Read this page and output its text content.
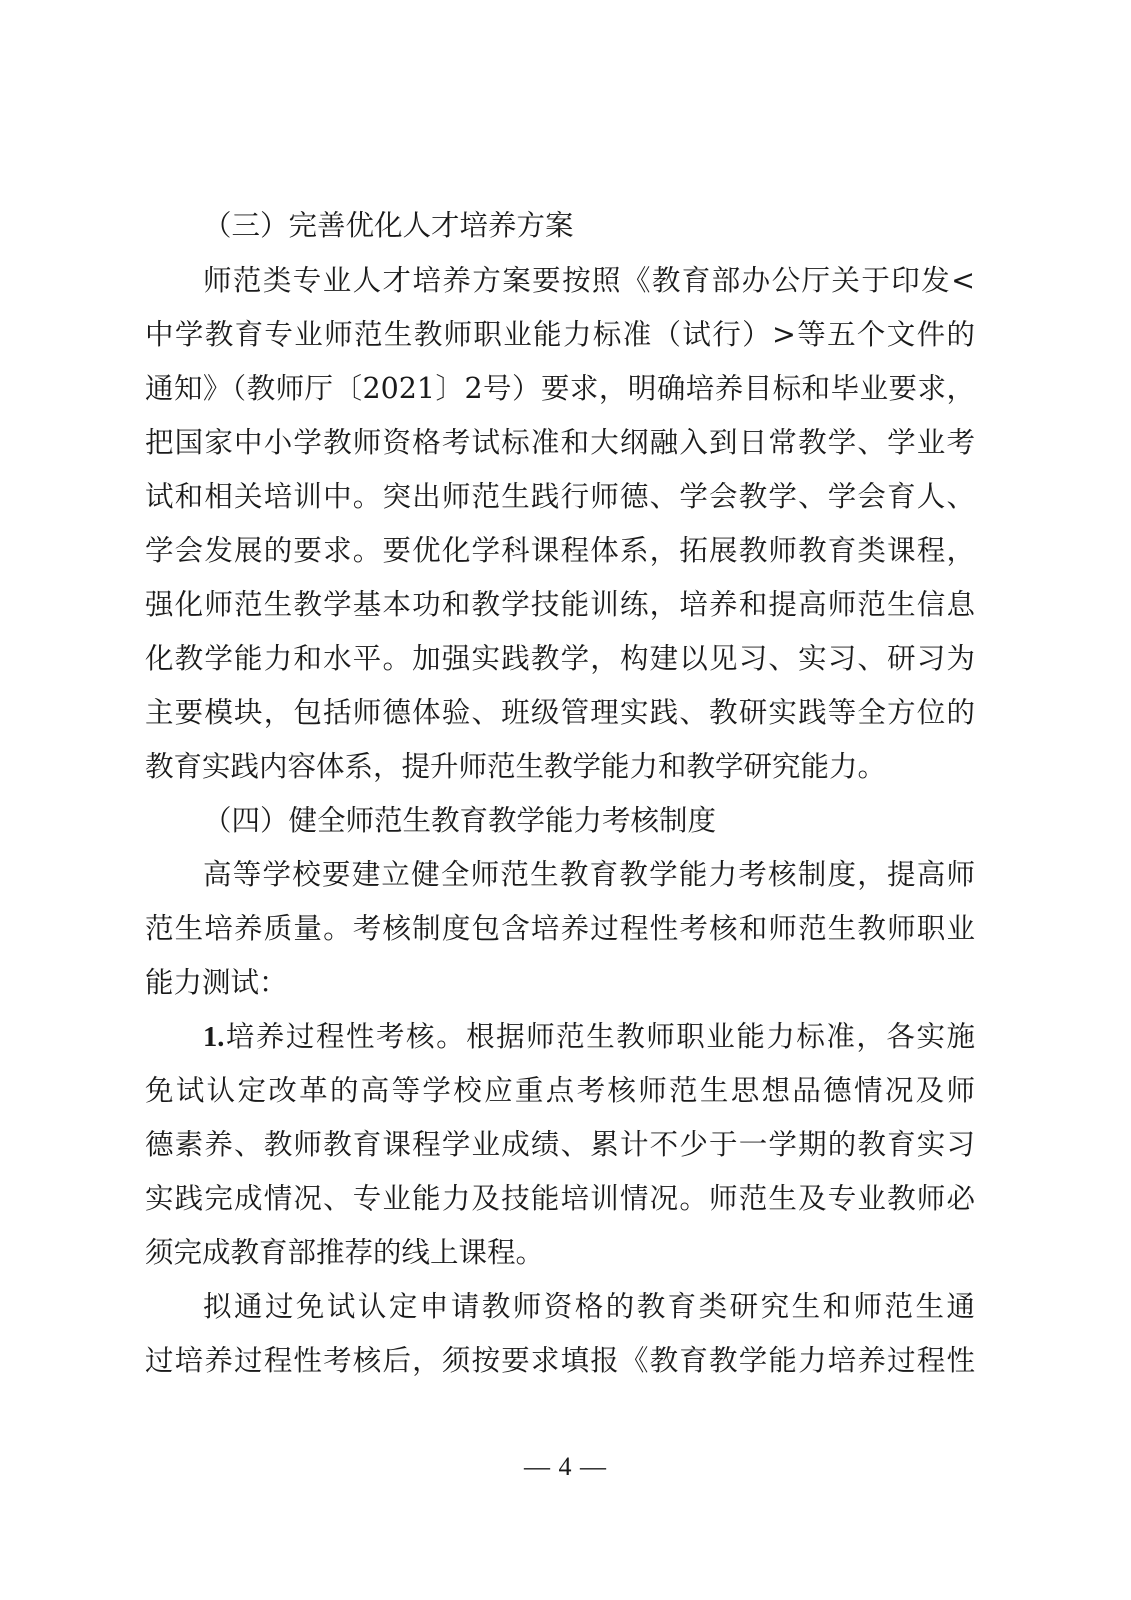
（三）完善优化人才培养方案
师范类专业人才培养方案要按照《教育部办公厅关于印发<
中学教育专业师范生教师职业能力标准（试行）>等五个文件的
通知》（教师厅〔2021〕2号）要求，明确培养目标和毕业要求，
把国家中小学教师资格考试标准和大纲融入到日常教学、学业考
试和相关培训中。突出师范生践行师德、学会教学、学会育人、
学会发展的要求。要优化学科课程体系，拓展教师教育类课程，
强化师范生教学基本功和教学技能训练，培养和提高师范生信息
化教学能力和水平。加强实践教学，构建以见习、实习、研习为
主要模块，包括师德体验、班级管理实践、教研实践等全方位的
教育实践内容体系，提升师范生教学能力和教学研究能力。
（四）健全师范生教育教学能力考核制度
高等学校要建立健全师范生教育教学能力考核制度，提高师
范生培养质量。考核制度包含培养过程性考核和师范生教师职业
能力测试：
1.培养过程性考核。根据师范生教师职业能力标准，各实施
免试认定改革的高等学校应重点考核师范生思想品德情况及师
德素养、教师教育课程学业成绩、累计不少于一学期的教育实习
实践完成情况、专业能力及技能培训情况。师范生及专业教师必
须完成教育部推荐的线上课程。
拟通过免试认定申请教师资格的教育类研究生和师范生通
过培养过程性考核后，须按要求填报《教育教学能力培养过程性
— 4 —
